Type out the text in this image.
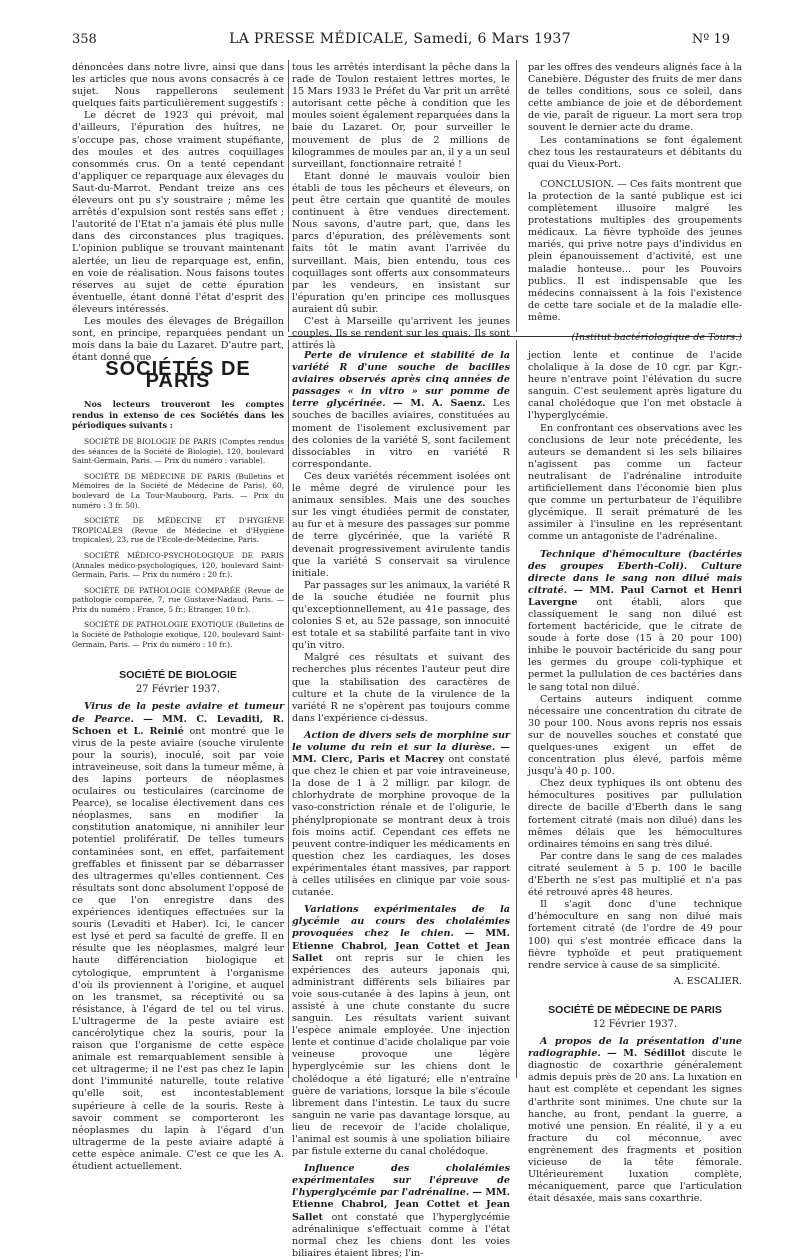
358	LA PRESSE MÉDICALE, Samedi, 6 Mars 1937	Nº 19

dénoncées dans notre livre, ainsi que dans les articles que nous avons consacrés à ce sujet. Nous rappellerons seulement quelques faits particulièrement suggestifs :

Le décret de 1923 qui prévoit, mal d'ailleurs, l'épuration des huîtres, ne s'occupe pas, chose vraiment stupéfiante, des moules et des autres coquillages consommés crus. On a tenté cependant d'appliquer ce reparquage aux élevages du Saut-du-Marrot. Pendant treize ans ces éleveurs ont pu s'y soustraire ; même les arrêtés d'expulsion sont restés sans effet ; l'autorité de l'Etat n'a jamais été plus nulle dans des circonstances plus tragiques. L'opinion publique se trouvant maintenant alertée, un lieu de reparquage est, enfin, en voie de réalisation. Nous faisons toutes réserves au sujet de cette épuration éventuelle, étant donné l'état d'esprit des éleveurs intéressés.

Les moules des élevages de Brégaillon sont, en principe, reparquées pendant un mois dans la baie du Lazaret. D'autre part, étant donné que

tous les arrêtés interdisant la pêche dans la rade de Toulon restaient lettres mortes, le 15 Mars 1933 le Préfet du Var prit un arrêté autorisant cette pêche à condition que les moules soient également reparquées dans la baie du Lazaret. Or, pour surveiller le mouvement de plus de 2 millions de kilogrammes de moules par an, il y a un seul surveillant, fonctionnaire retraité !

Etant donné le mauvais vouloir bien établi de tous les pêcheurs et éleveurs, on peut être certain que quantité de moules continuent à être vendues directement. Nous savons, d'autre part, que, dans les parcs d'épuration, des prélèvements sont faits tôt le matin avant l'arrivée du surveillant. Mais, bien entendu, tous ces coquillages sont offerts aux consommateurs par les vendeurs, en insistant sur l'épuration qu'en principe ces mollusques auraient dû subir.

C'est à Marseille qu'arrivent les jeunes couples. Ils se rendent sur les quais. Ils sont attirés là

par les offres des vendeurs alignés face à la Canebière. Déguster des fruits de mer dans de telles conditions, sous ce soleil, dans cette ambiance de joie et de débordement de vie, paraît de rigueur. La mort sera trop souvent le dernier acte du drame.

Les contaminations se font également chez tous les restaurateurs et débitants du quai du Vieux-Port.

CONCLUSION. — Ces faits montrent que la protection de la santé publique est ici complètement illusoire malgré les protestations multiples des groupements médicaux. La fièvre typhoïde des jeunes mariés, qui prive notre pays d'individus en plein épanouissement d'activité, est une maladie honteuse... pour les Pouvoirs publics. Il est indispensable que les médecins connaissent à la fois l'existence de cette tare sociale et de la maladie elle-même.

(Institut bactériologique de Tours.)

SOCIÉTÉS DE PARIS

Nos lecteurs trouveront les comptes rendus in extenso de ces Sociétés dans les périodiques suivants :

SOCIÉTÉ DE BIOLOGIE DE PARIS (Comptes rendus des séances de la Société de Biologie), 120, boulevard Saint-Germain, Paris. — Prix du numéro : variable).

SOCIÉTÉ DE MÉDECINE DE PARIS (Bulletins et Mémoires de la Société de Médecine de Paris), 60, boulevard de La Tour-Maubourg, Paris. — Prix du numéro : 3 fr. 50).

SOCIÉTÉ DE MÉDECINE ET D'HYGIÈNE TROPICALES (Revue de Médecine et d'Hygiène tropicales), 23, rue de l'Ecole-de-Médecine, Paris.

SOCIÉTÉ MÉDICO-PSYCHOLOGIQUE DE PARIS (Annales médico-psychologiques, 120, boulevard Saint-Germain, Paris. — Prix du numéro : 20 fr.).

SOCIÉTÉ DE PATHOLOGIE COMPARÉE (Revue de pathologie comparée, 7, rue Gustave-Nadaud, Paris. — Prix du numéro : France, 5 fr.; Etranger, 10 fr.).

SOCIÉTÉ DE PATHOLOGIE EXOTIQUE (Bulletins de la Société de Pathologie exotique, 120, boulevard Saint-Germain, Paris. — Prix du numéro : 10 fr.).

SOCIÉTÉ DE BIOLOGIE

27 Février 1937.

Virus de la peste aviaire et tumeur de Pearce. — MM. C. Levaditi, R. Schoen et L. Reinié ont montré que le virus de la peste aviaire (souche virulente pour la souris), inoculé, soit par voie intraveineuse, soit dans la tumeur même, à des lapins porteurs de néoplasmes oculaires ou testiculaires (carcinome de Pearce), se localise électivement dans ces néoplasmes, sans en modifier la constitution anatomique, ni annihiler leur potentiel prolifératif. De telles tumeurs contaminées sont, en effet, parfaitement greffables et finissent par se débarrasser des ultragermes qu'elles contiennent. Ces résultats sont donc absolument l'opposé de ce que l'on enregistre dans des expériences identiques effectuées sur la souris (Levaditi et Haber). Ici, le cancer est lysé et perd sa faculté de greffe. Il en résulte que les néoplasmes, malgré leur haute différenciation biologique et cytologique, empruntent à l'organisme d'où ils proviennent à l'origine, et auquel on les transmet, sa réceptivité ou sa résistance, à l'égard de tel ou tel virus. L'ultragerme de la peste aviaire est cancérolytique chez la souris, pour la raison que l'organisme de cette espèce animale est remarquablement sensible à cet ultragerme; il ne l'est pas chez le lapin dont l'immunité naturelle, toute relative qu'elle soit, est incontestablement supérieure à celle de la souris. Reste à savoir comment se comporteront les néoplasmes du lapin à l'égard d'un ultragerme de la peste aviaire adapté à cette espèce animale. C'est ce que les A. étudient actuellement.

Perte de virulence et stabilité de la variété R d'une souche de bacilles aviaires observés après cinq années de passages « in vitro » sur pomme de terre glycérinée. — M. A. Saenz. Les souches de bacilles aviaires, constituées au moment de l'isolement exclusivement par des colonies de la variété S, sont facilement dissociables in vitro en variété R correspondante.

Ces deux variétés récemment isolées ont le même degré de virulence pour les animaux sensibles. Mais une des souches sur les vingt étudiées permit de constater, au fur et à mesure des passages sur pomme de terre glycérinée, que la variété R devenait progressivement avirulente tandis que la variété S conservait sa virulence initiale.

Par passages sur les animaux, la variété R de la souche étudiée ne fournit plus qu'exceptionnellement, au 41e passage, des colonies S et, au 52e passage, son innocuité est totale et sa stabilité parfaite tant in vivo qu'in vitro.

Malgré ces résultats et suivant des recherches plus récentes l'auteur peut dire que la stabilisation des caractères de culture et la chute de la virulence de la variété R ne s'opèrent pas toujours comme dans l'expérience ci-dessus.

Action de divers sels de morphine sur le volume du rein et sur la diurèse. — MM. Clerc, Paris et Macrey ont constaté que chez le chien et par voie intraveineuse, la dose de 1 à 2 milligr. par kilogr. de chlorhydrate de morphine provoque de la vaso-constriction rénale et de l'oligurie, le phénylpropionate se montrant deux à trois fois moins actif. Cependant ces effets ne peuvent contre-indiquer les médicaments en question chez les cardiaques, les doses expérimentales étant massives, par rapport à celles utilisées en clinique par voie sous-cutanée.

Variations expérimentales de la glycémie au cours des cholalémies provoquées chez le chien. — MM. Etienne Chabrol, Jean Cottet et Jean Sallet ont repris sur le chien les expériences des auteurs japonais qui, administrant différents sels biliaires par voie sous-cutanée à des lapins à jeun, ont assisté à une chute constante du sucre sanguin. Les résultats varient suivant l'espèce animale employée. Une injection lente et continue d'acide cholalique par voie veineuse provoque une légère hyperglycémie sur les chiens dont le cholédoque a été ligaturé; elle n'entraîne guère de variations, lorsque la bile s'écoule librement dans l'intestin. Le taux du sucre sanguin ne varie pas davantage lorsque, au lieu de recevoir de l'acide cholalique, l'animal est soumis à une spoliation biliaire par fistule externe du canal cholédoque.

Influence des cholalémies expérimentales sur l'épreuve de l'hyperglycémie par l'adrénaline. — MM. Etienne Chabrol, Jean Cottet et Jean Sallet ont constaté que l'hyperglycémie adrénalinique s'effectuait comme à l'état normal chez les chiens dont les voies biliaires étaient libres; l'in-

jection lente et continue de l'acide cholalique à la dose de 10 cgr. par Kgr.-heure n'entrave point l'élévation du sucre sanguin. C'est seulement après ligature du canal cholédoque que l'on met obstacle à l'hyperglycémie.

En confrontant ces observations avec les conclusions de leur note précédente, les auteurs se demandent si les sels biliaires n'agissent pas comme un facteur neutralisant de l'adrénaline introduite artificiellement dans l'économie bien plus que comme un perturbateur de l'équilibre glycémique. Il serait prématuré de les assimiler à l'insuline en les représentant comme un antagoniste de l'adrénaline.

Technique d'hémoculture (bactéries des groupes Eberth-Coli). Culture directe dans le sang non dilué mais citraté. — MM. Paul Carnot et Henri Lavergne ont établi, alors que classiquement le sang non dilué est fortement bactéricide, que le citrate de soude à forte dose (15 à 20 pour 100) inhibe le pouvoir bactéricide du sang pour les germes du groupe coli-typhique et permet la pullulation de ces bactéries dans le sang total non dilué.

Certains auteurs indiquent comme nécessaire une concentration du citrate de 30 pour 100. Nous avons repris nos essais sur de nouvelles souches et constaté que quelques-unes exigent un effet de concentration plus élevé, parfois même jusqu'à 40 p. 100.

Chez deux typhiques ils ont obtenu des hémocultures positives par pullulation directe de bacille d'Eberth dans le sang fortement citraté (mais non dilué) dans les mêmes délais que les hémocultures ordinaires témoins en sang très dilué.

Par contre dans le sang de ces malades citraté seulement à 5 p. 100 le bacille d'Eberth ne s'est pas multiplié et n'a pas été retrouvé après 48 heures.

Il s'agit donc d'une technique d'hémoculture en sang non dilué mais fortement citraté (de l'ordre de 49 pour 100) qui s'est montrée efficace dans la fièvre typhoïde et peut pratiquement rendre service à cause de sa simplicité.

A. ESCALIER.

SOCIÉTÉ DE MÉDECINE DE PARIS

12 Février 1937.

A propos de la présentation d'une radiographie. — M. Sédillot discute le diagnostic de coxarthrie généralement admis depuis près de 20 ans. La luxation en haut est complète et cependant les signes d'arthrite sont minimes. Une chute sur la hanche, au front, pendant la guerre, a motivé une pension. En réalité, il y a eu fracture du col méconnue, avec engrènement des fragments et position vicieuse de la tête fémorale. Ultérieurement luxation complète, mécaniquement, parce que l'articulation était désaxée, mais sans coxarthrie.
